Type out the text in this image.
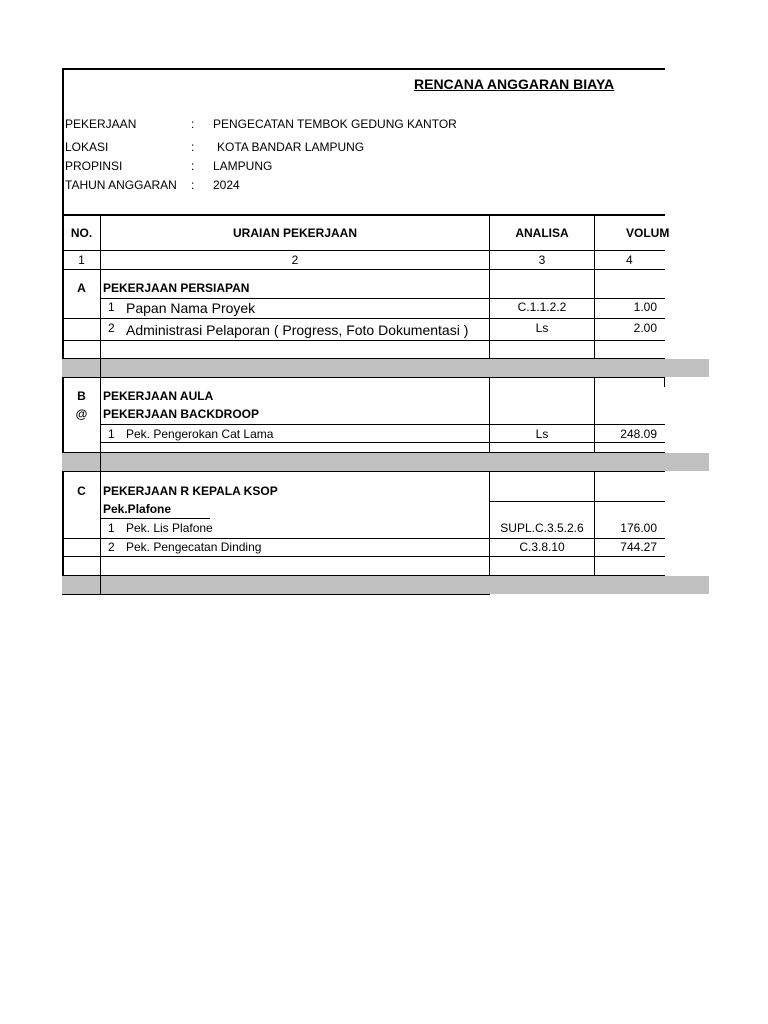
RENCANA ANGGARAN BIAYA
PEKERJAAN	: PENGECATAN TEMBOK GEDUNG KANTOR
LOKASI	: KOTA BANDAR LAMPUNG
PROPINSI	: LAMPUNG
TAHUN ANGGARAN : 2024
NO.	URAIAN PEKERJAAN	ANALISA	VOLUM
1	2	3	4
A	PEKERJAAN PERSIAPAN
1 Papan Nama Proyek	C.1.1.2.2	1.00
2 Administrasi Pelaporan ( Progress, Foto Dokumentasi )	Ls	2.00
B	PEKERJAAN AULA
@	PEKERJAAN BACKDROOP
1 Pek. Pengerokan Cat Lama	Ls	248.09
C	PEKERJAAN R KEPALA KSOP
Pek.Plafone
1 Pek. Lis Plafone	SUPL.C.3.5.2.6	176.00
2 Pek. Pengecatan Dinding	C.3.8.10	744.27
